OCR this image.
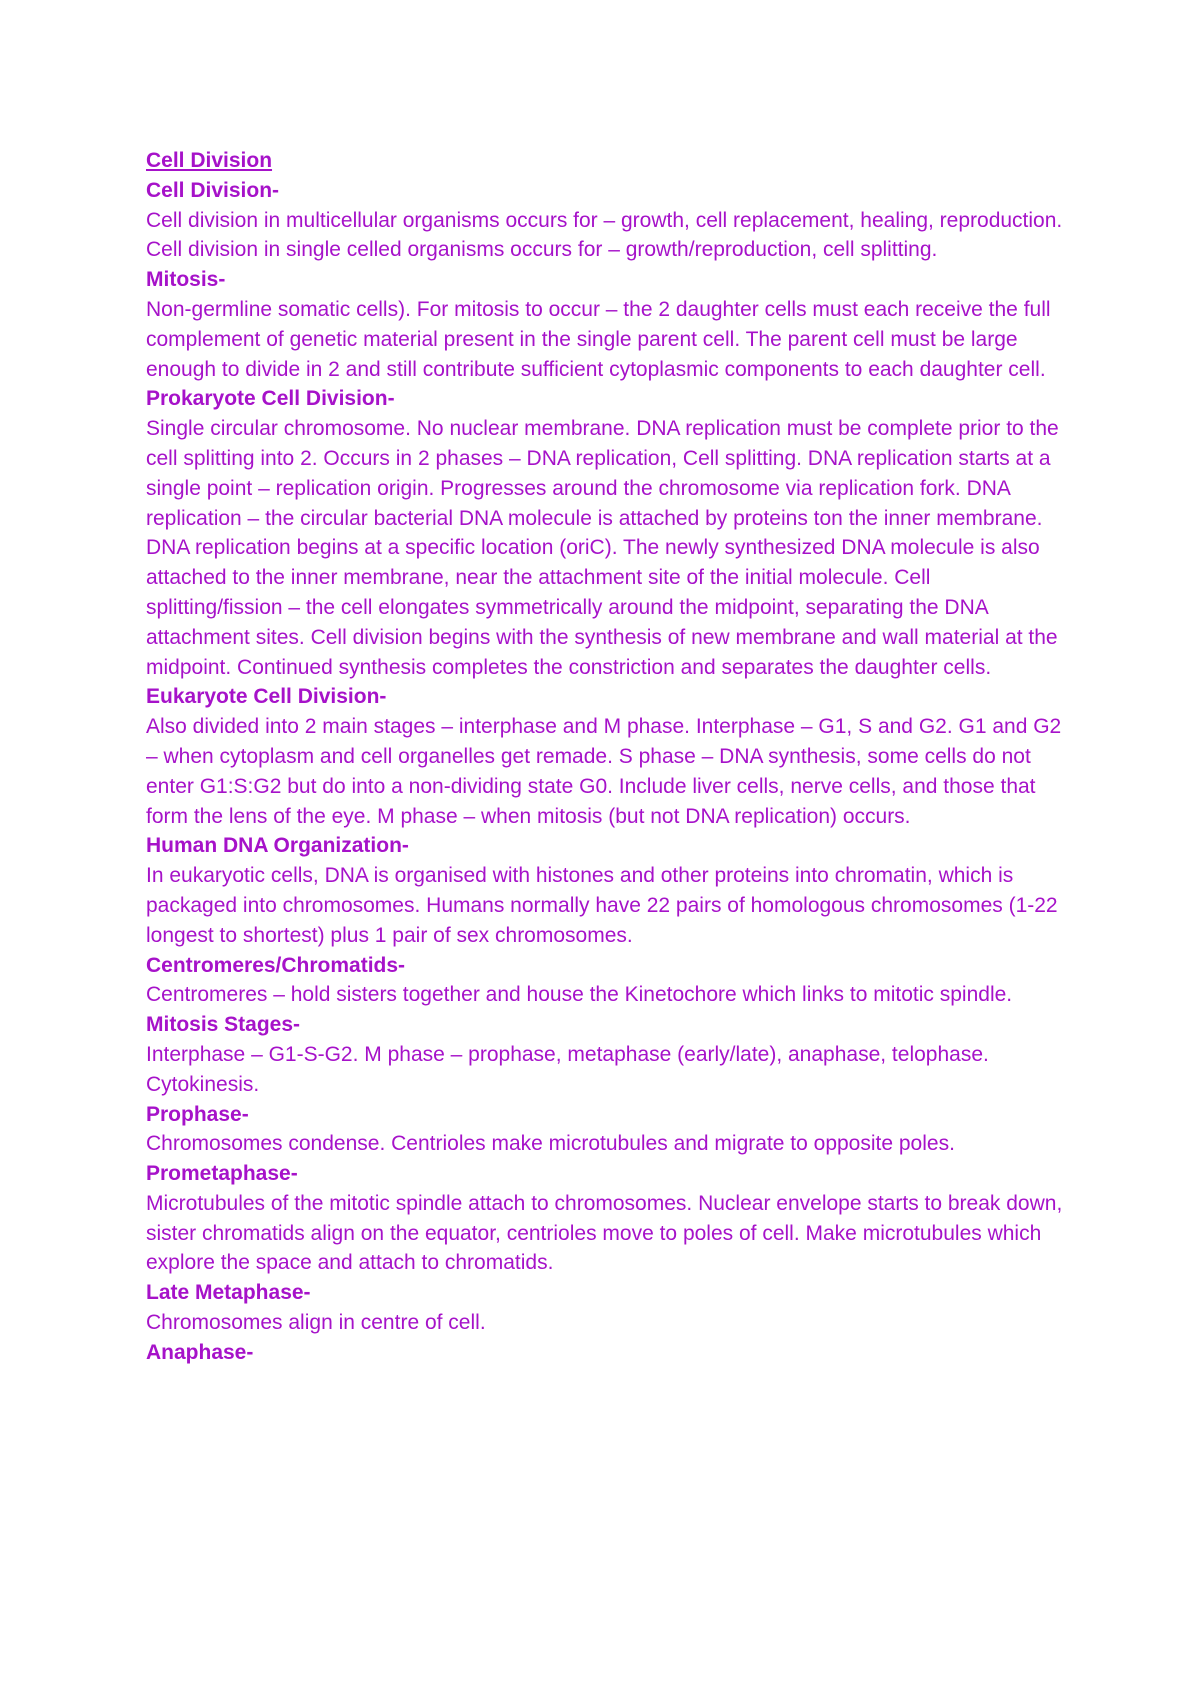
Cell Division
Cell Division-

Cell division in multicellular organisms occurs for – growth, cell replacement, healing, reproduction. Cell division in single celled organisms occurs for – growth/reproduction, cell splitting.

Mitosis-

Non-germline somatic cells). For mitosis to occur – the 2 daughter cells must each receive the full complement of genetic material present in the single parent cell. The parent cell must be large enough to divide in 2 and still contribute sufficient cytoplasmic components to each daughter cell.

Prokaryote Cell Division-

Single circular chromosome. No nuclear membrane. DNA replication must be complete prior to the cell splitting into 2. Occurs in 2 phases – DNA replication, Cell splitting. DNA replication starts at a single point – replication origin. Progresses around the chromosome via replication fork. DNA replication – the circular bacterial DNA molecule is attached by proteins ton the inner membrane. DNA replication begins at a specific location (oriC). The newly synthesized DNA molecule is also attached to the inner membrane, near the attachment site of the initial molecule. Cell splitting/fission – the cell elongates symmetrically around the midpoint, separating the DNA attachment sites. Cell division begins with the synthesis of new membrane and wall material at the midpoint. Continued synthesis completes the constriction and separates the daughter cells.

Eukaryote Cell Division-

Also divided into 2 main stages – interphase and M phase. Interphase – G1, S and G2. G1 and G2 – when cytoplasm and cell organelles get remade. S phase – DNA synthesis, some cells do not enter G1:S:G2 but do into a non-dividing state G0. Include liver cells, nerve cells, and those that form the lens of the eye. M phase – when mitosis (but not DNA replication) occurs.

Human DNA Organization-

In eukaryotic cells, DNA is organised with histones and other proteins into chromatin, which is packaged into chromosomes. Humans normally have 22 pairs of homologous chromosomes (1-22 longest to shortest) plus 1 pair of sex chromosomes.

Centromeres/Chromatids-

Centromeres – hold sisters together and house the Kinetochore which links to mitotic spindle.

Mitosis Stages-

Interphase – G1-S-G2. M phase – prophase, metaphase (early/late), anaphase, telophase. Cytokinesis.

Prophase-

Chromosomes condense. Centrioles make microtubules and migrate to opposite poles.

Prometaphase-

Microtubules of the mitotic spindle attach to chromosomes. Nuclear envelope starts to break down, sister chromatids align on the equator, centrioles move to poles of cell. Make microtubules which explore the space and attach to chromatids.

Late Metaphase-

Chromosomes align in centre of cell.

Anaphase-
